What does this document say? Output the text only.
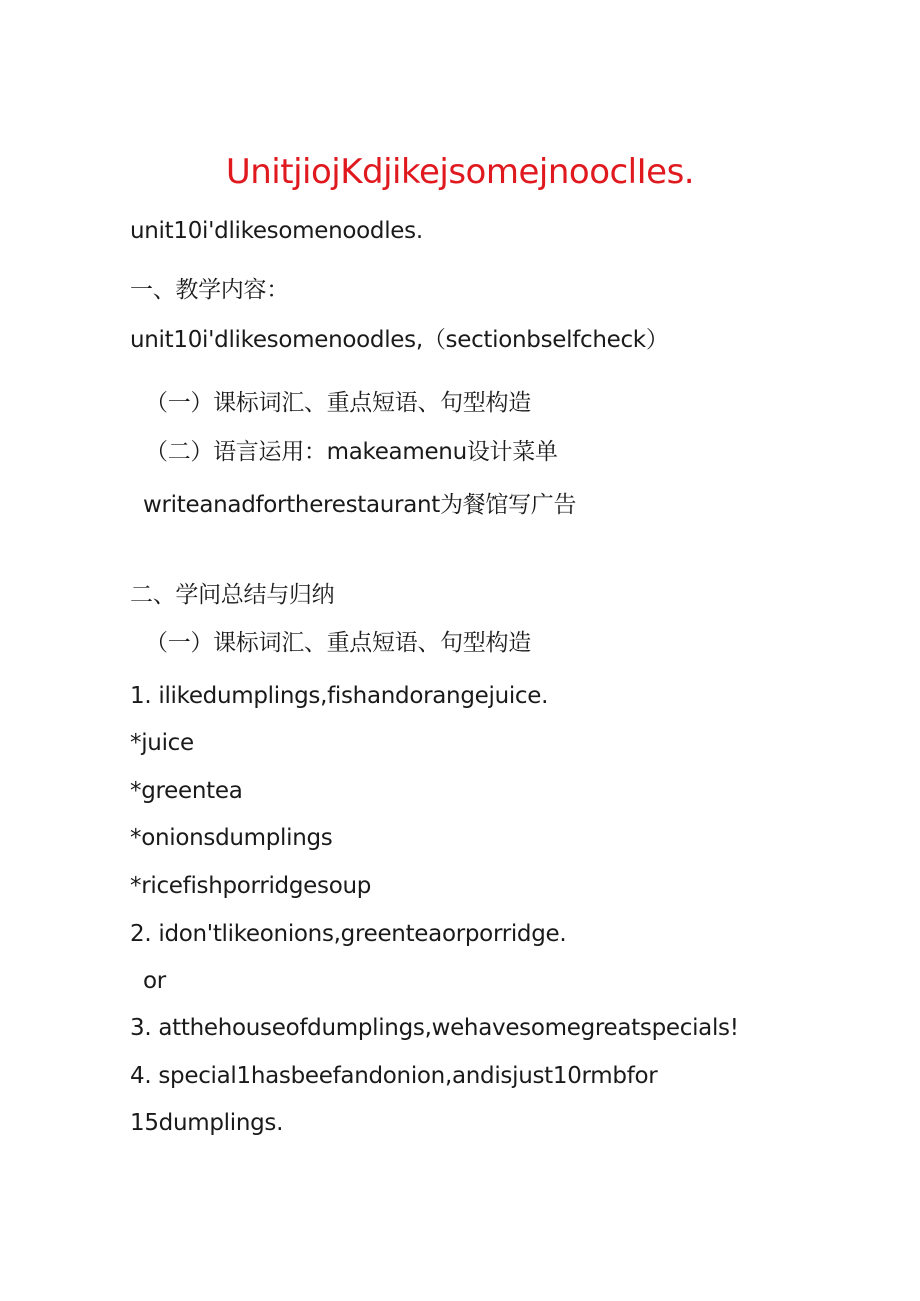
UnitjiojKdjikejsomejnooclIes.
unit10i'dlikesomenoodles.
一、教学内容：
unit10i'dlikesomenoodles,（sectionbselfcheck）
（一）课标词汇、重点短语、句型构造
（二）语言运用：makeamenu设计菜单
writeanadfortherestaurant为餐馆写广告
二、学问总结与归纳
（一）课标词汇、重点短语、句型构造
1. ilikedumplings,fishandorangejuice.
*juice
*greentea
*onionsdumplings
*ricefishporridgesoup
2. idon'tlikeonions,greenteaorporridge.
or
3. atthehouseofdumplings,wehavesomegreatspecials!
4. special1hasbeefandonion,andisjust10rmbfor
15dumplings.
